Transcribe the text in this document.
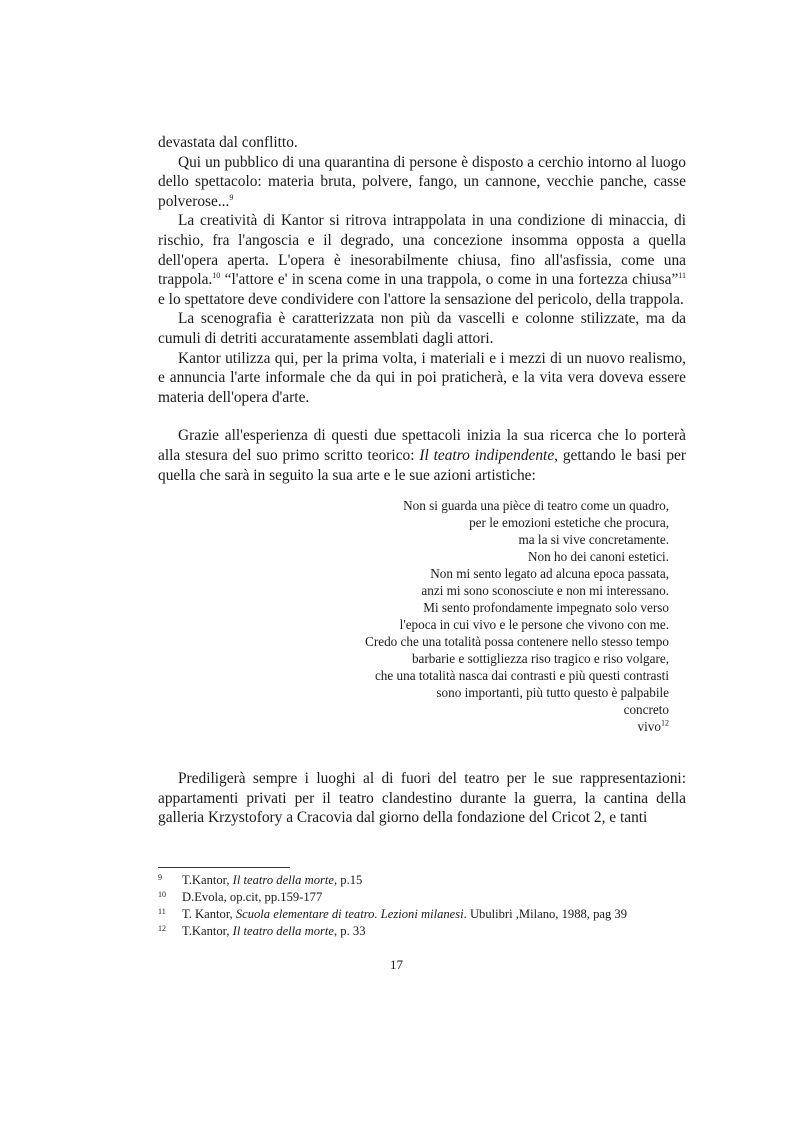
devastata dal conflitto.

Qui un pubblico di una quarantina di persone è disposto a cerchio intorno al luogo dello spettacolo: materia bruta, polvere, fango, un cannone, vecchie panche, casse polverose...$^9$

La creatività di Kantor si ritrova intrappolata in una condizione di minaccia, di rischio, fra l'angoscia e il degrado, una concezione insomma opposta a quella dell'opera aperta. L'opera è inesorabilmente chiusa, fino all'asfissia, come una trappola.$^{10}$ “l'attore e' in scena come in una trappola, o come in una fortezza chiusa”$^{11}$ e lo spettatore deve condividere con l'attore la sensazione del pericolo, della trappola.

La scenografia è caratterizzata non più da vascelli e colonne stilizzate, ma da cumuli di detriti accuratamente assemblati dagli attori.

Kantor utilizza qui, per la prima volta, i materiali e i mezzi di un nuovo realismo, e annuncia l'arte informale che da qui in poi praticherà, e la vita vera doveva essere materia dell'opera d'arte.

Grazie all'esperienza di questi due spettacoli inizia la sua ricerca che lo porterà alla stesura del suo primo scritto teorico: Il teatro indipendente, gettando le basi per quella che sarà in seguito la sua arte e le sue azioni artistiche:

Non si guarda una pièce di teatro come un quadro,
per le emozioni estetiche che procura,
ma la si vive concretamente.
Non ho dei canoni estetici.
Non mi sento legato ad alcuna epoca passata,
anzi mi sono sconosciute e non mi interessano.
Mi sento profondamente impegnato solo verso
l'epoca in cui vivo e le persone che vivono con me.
Credo che una totalità possa contenere nello stesso tempo
barbarie e sottigliezza riso tragico e riso volgare,
che una totalità nasca dai contrasti e più questi contrasti
sono importanti, più tutto questo è palpabile
concreto
vivo$^{12}$

Prediligerà sempre i luoghi al di fuori del teatro per le sue rappresentazioni: appartamenti privati per il teatro clandestino durante la guerra, la cantina della galleria Krzystofory a Cracovia dal giorno della fondazione del Cricot 2, e tanti

9	T.Kantor, Il teatro della morte, p.15
10	D.Evola, op.cit, pp.159-177
11	T. Kantor, Scuola elementare di teatro. Lezioni milanesi. Ubulibri ,Milano, 1988, pag 39
12	T.Kantor, Il teatro della morte, p. 33
17
